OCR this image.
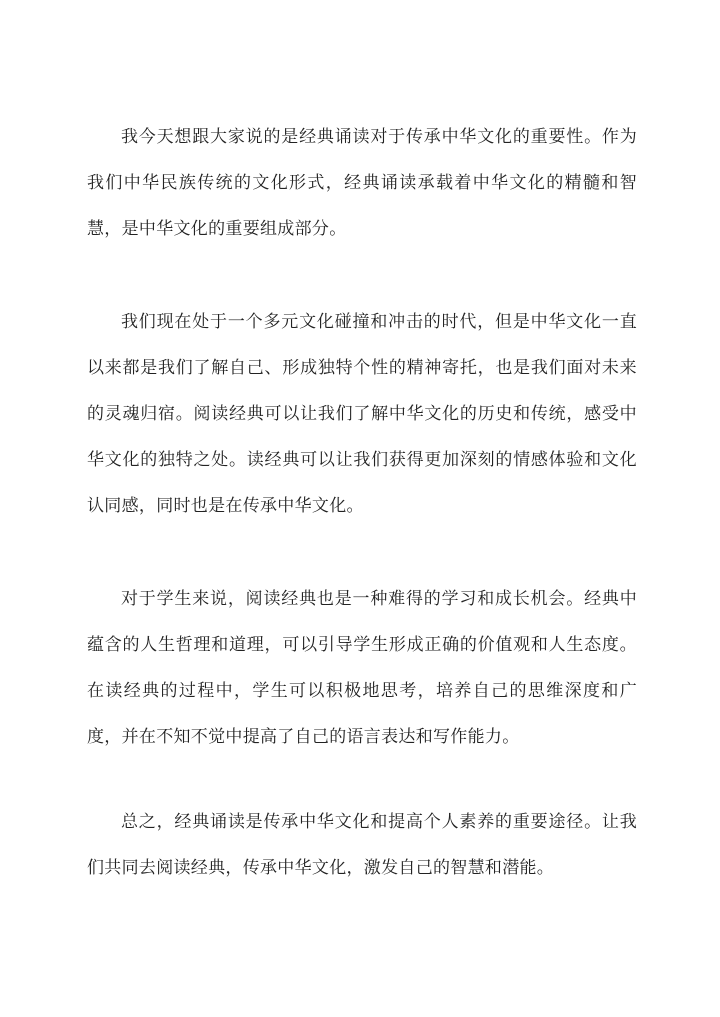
我今天想跟大家说的是经典诵读对于传承中华文化的重要性。作为我们中华民族传统的文化形式，经典诵读承载着中华文化的精髓和智慧，是中华文化的重要组成部分。

我们现在处于一个多元文化碰撞和冲击的时代，但是中华文化一直以来都是我们了解自己、形成独特个性的精神寄托，也是我们面对未来的灵魂归宿。阅读经典可以让我们了解中华文化的历史和传统，感受中华文化的独特之处。读经典可以让我们获得更加深刻的情感体验和文化认同感，同时也是在传承中华文化。

对于学生来说，阅读经典也是一种难得的学习和成长机会。经典中蕴含的人生哲理和道理，可以引导学生形成正确的价值观和人生态度。在读经典的过程中，学生可以积极地思考，培养自己的思维深度和广度，并在不知不觉中提高了自己的语言表达和写作能力。

总之，经典诵读是传承中华文化和提高个人素养的重要途径。让我们共同去阅读经典，传承中华文化，激发自己的智慧和潜能。
